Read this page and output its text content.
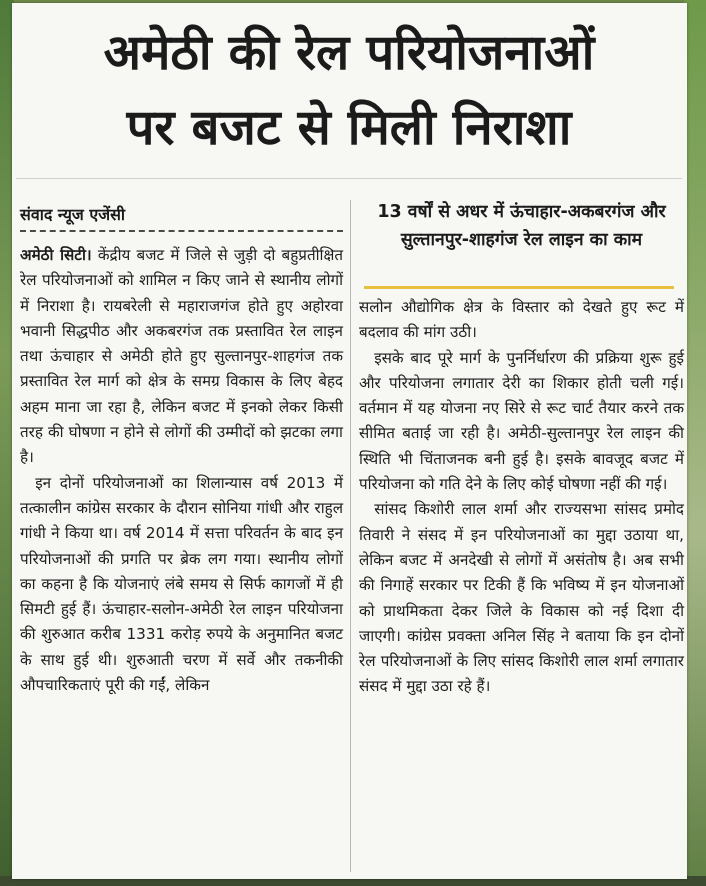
अमेठी की रेल परियोजनाओं
पर बजट से मिली निराशा
संवाद न्यूज एजेंसी

अमेठी सिटी। केंद्रीय बजट में जिले से जुड़ी दो बहुप्रतीक्षित रेल परियोजनाओं को शामिल न किए जाने से स्थानीय लोगों में निराशा है। रायबरेली से महाराजगंज होते हुए अहोरवा भवानी सिद्धपीठ और अकबरगंज तक प्रस्तावित रेल लाइन तथा ऊंचाहार से अमेठी होते हुए सुल्तानपुर-शाहगंज तक प्रस्तावित रेल मार्ग को क्षेत्र के समग्र विकास के लिए बेहद अहम माना जा रहा है, लेकिन बजट में इनको लेकर किसी तरह की घोषणा न होने से लोगों की उम्मीदों को झटका लगा है।

 इन दोनों परियोजनाओं का शिलान्यास वर्ष 2013 में तत्कालीन कांग्रेस सरकार के दौरान सोनिया गांधी और राहुल गांधी ने किया था। वर्ष 2014 में सत्ता परिवर्तन के बाद इन परियोजनाओं की प्रगति पर ब्रेक लग गया। स्थानीय लोगों का कहना है कि योजनाएं लंबे समय से सिर्फ कागजों में ही सिमटी हुई हैं। ऊंचाहार-सलोन-अमेठी रेल लाइन परियोजना की शुरुआत करीब 1331 करोड़ रुपये के अनुमानित बजट के साथ हुई थी। शुरुआती चरण में सर्वे और तकनीकी औपचारिकताएं पूरी की गईं, लेकिन

13 वर्षों से अधर में ऊंचाहार-अकबरगंज और सुल्तानपुर-शाहगंज रेल लाइन का काम

सलोन औद्योगिक क्षेत्र के विस्तार को देखते हुए रूट में बदलाव की मांग उठी।

 इसके बाद पूरे मार्ग के पुनर्निर्धारण की प्रक्रिया शुरू हुई और परियोजना लगातार देरी का शिकार होती चली गई। वर्तमान में यह योजना नए सिरे से रूट चार्ट तैयार करने तक सीमित बताई जा रही है। अमेठी-सुल्तानपुर रेल लाइन की स्थिति भी चिंताजनक बनी हुई है। इसके बावजूद बजट में परियोजना को गति देने के लिए कोई घोषणा नहीं की गई।

 सांसद किशोरी लाल शर्मा और राज्यसभा सांसद प्रमोद तिवारी ने संसद में इन परियोजनाओं का मुद्दा उठाया था, लेकिन बजट में अनदेखी से लोगों में असंतोष है। अब सभी की निगाहें सरकार पर टिकी हैं कि भविष्य में इन योजनाओं को प्राथमिकता देकर जिले के विकास को नई दिशा दी जाएगी। कांग्रेस प्रवक्ता अनिल सिंह ने बताया कि इन दोनों रेल परियोजनाओं के लिए सांसद किशोरी लाल शर्मा लगातार संसद में मुद्दा उठा रहे हैं।
